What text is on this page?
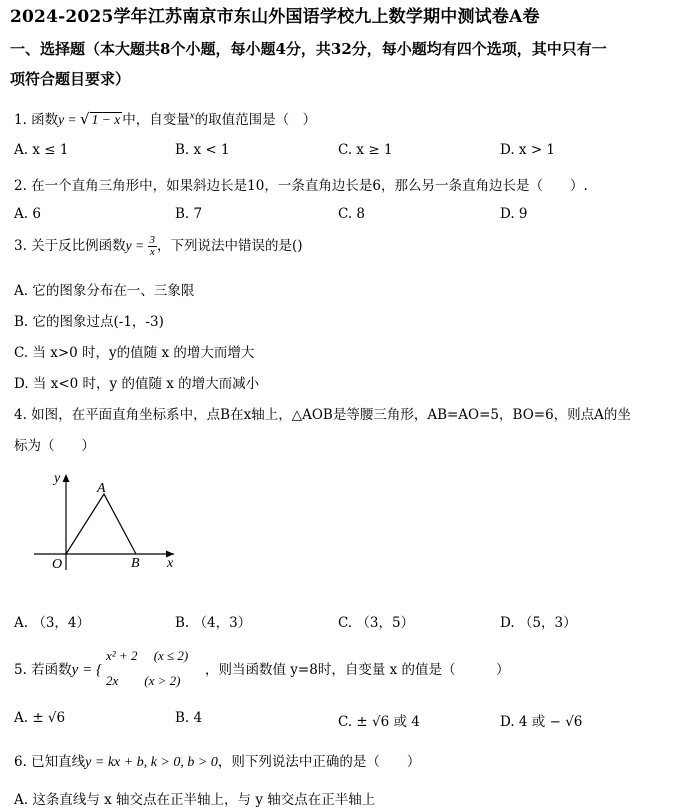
2024-2025学年江苏南京市东山外国语学校九上数学期中测试卷A卷
一、选择题（本大题共8个小题，每小题4分，共32分，每小题均有四个选项，其中只有一
项符合题目要求）
1. 函数y = √ 1 − x 中，自变量$^x$的取值范围是（　）
A. x ≤ 1	B. x < 1	C. x ≥ 1	D. x > 1
2. 在一个直角三角形中，如果斜边长是10，一条直角边长是6，那么另一条直角边长是（　　）.
A. 6	B. 7	C. 8	D. 9
3. 关于反比例函数$y = \frac{3}{x}$ ，下列说法中错误的是()
A. 它的图象分布在一、三象限
B. 它的图象过点(-1，-3)
C. 当 x>0 时，y的值随 x 的增大而增大
D. 当 x<0 时，y 的值随 x 的增大而减小
4. 如图，在平面直角坐标系中，点B在x轴上，△AOB是等腰三角形，AB=AO=5，BO=6，则点A的坐
标为（　　）
y
A
O	B x
A. （3，4）	B. （4，3）	C. （3，5）	D. （5，3）
5. 若函数y = {
x² + 2　 (x ≤ 2)
2x　　(x > 2)
，则当函数值 y=8时，自变量 x 的值是（　　　）
A. ± √6	B. 4	C. ± √6 或 4	D. 4 或 − √6
6. 已知直线y = kx + b, k > 0, b > 0，则下列说法中正确的是（　　）
A. 这条直线与 x 轴交点在正半轴上，与 y 轴交点在正半轴上
